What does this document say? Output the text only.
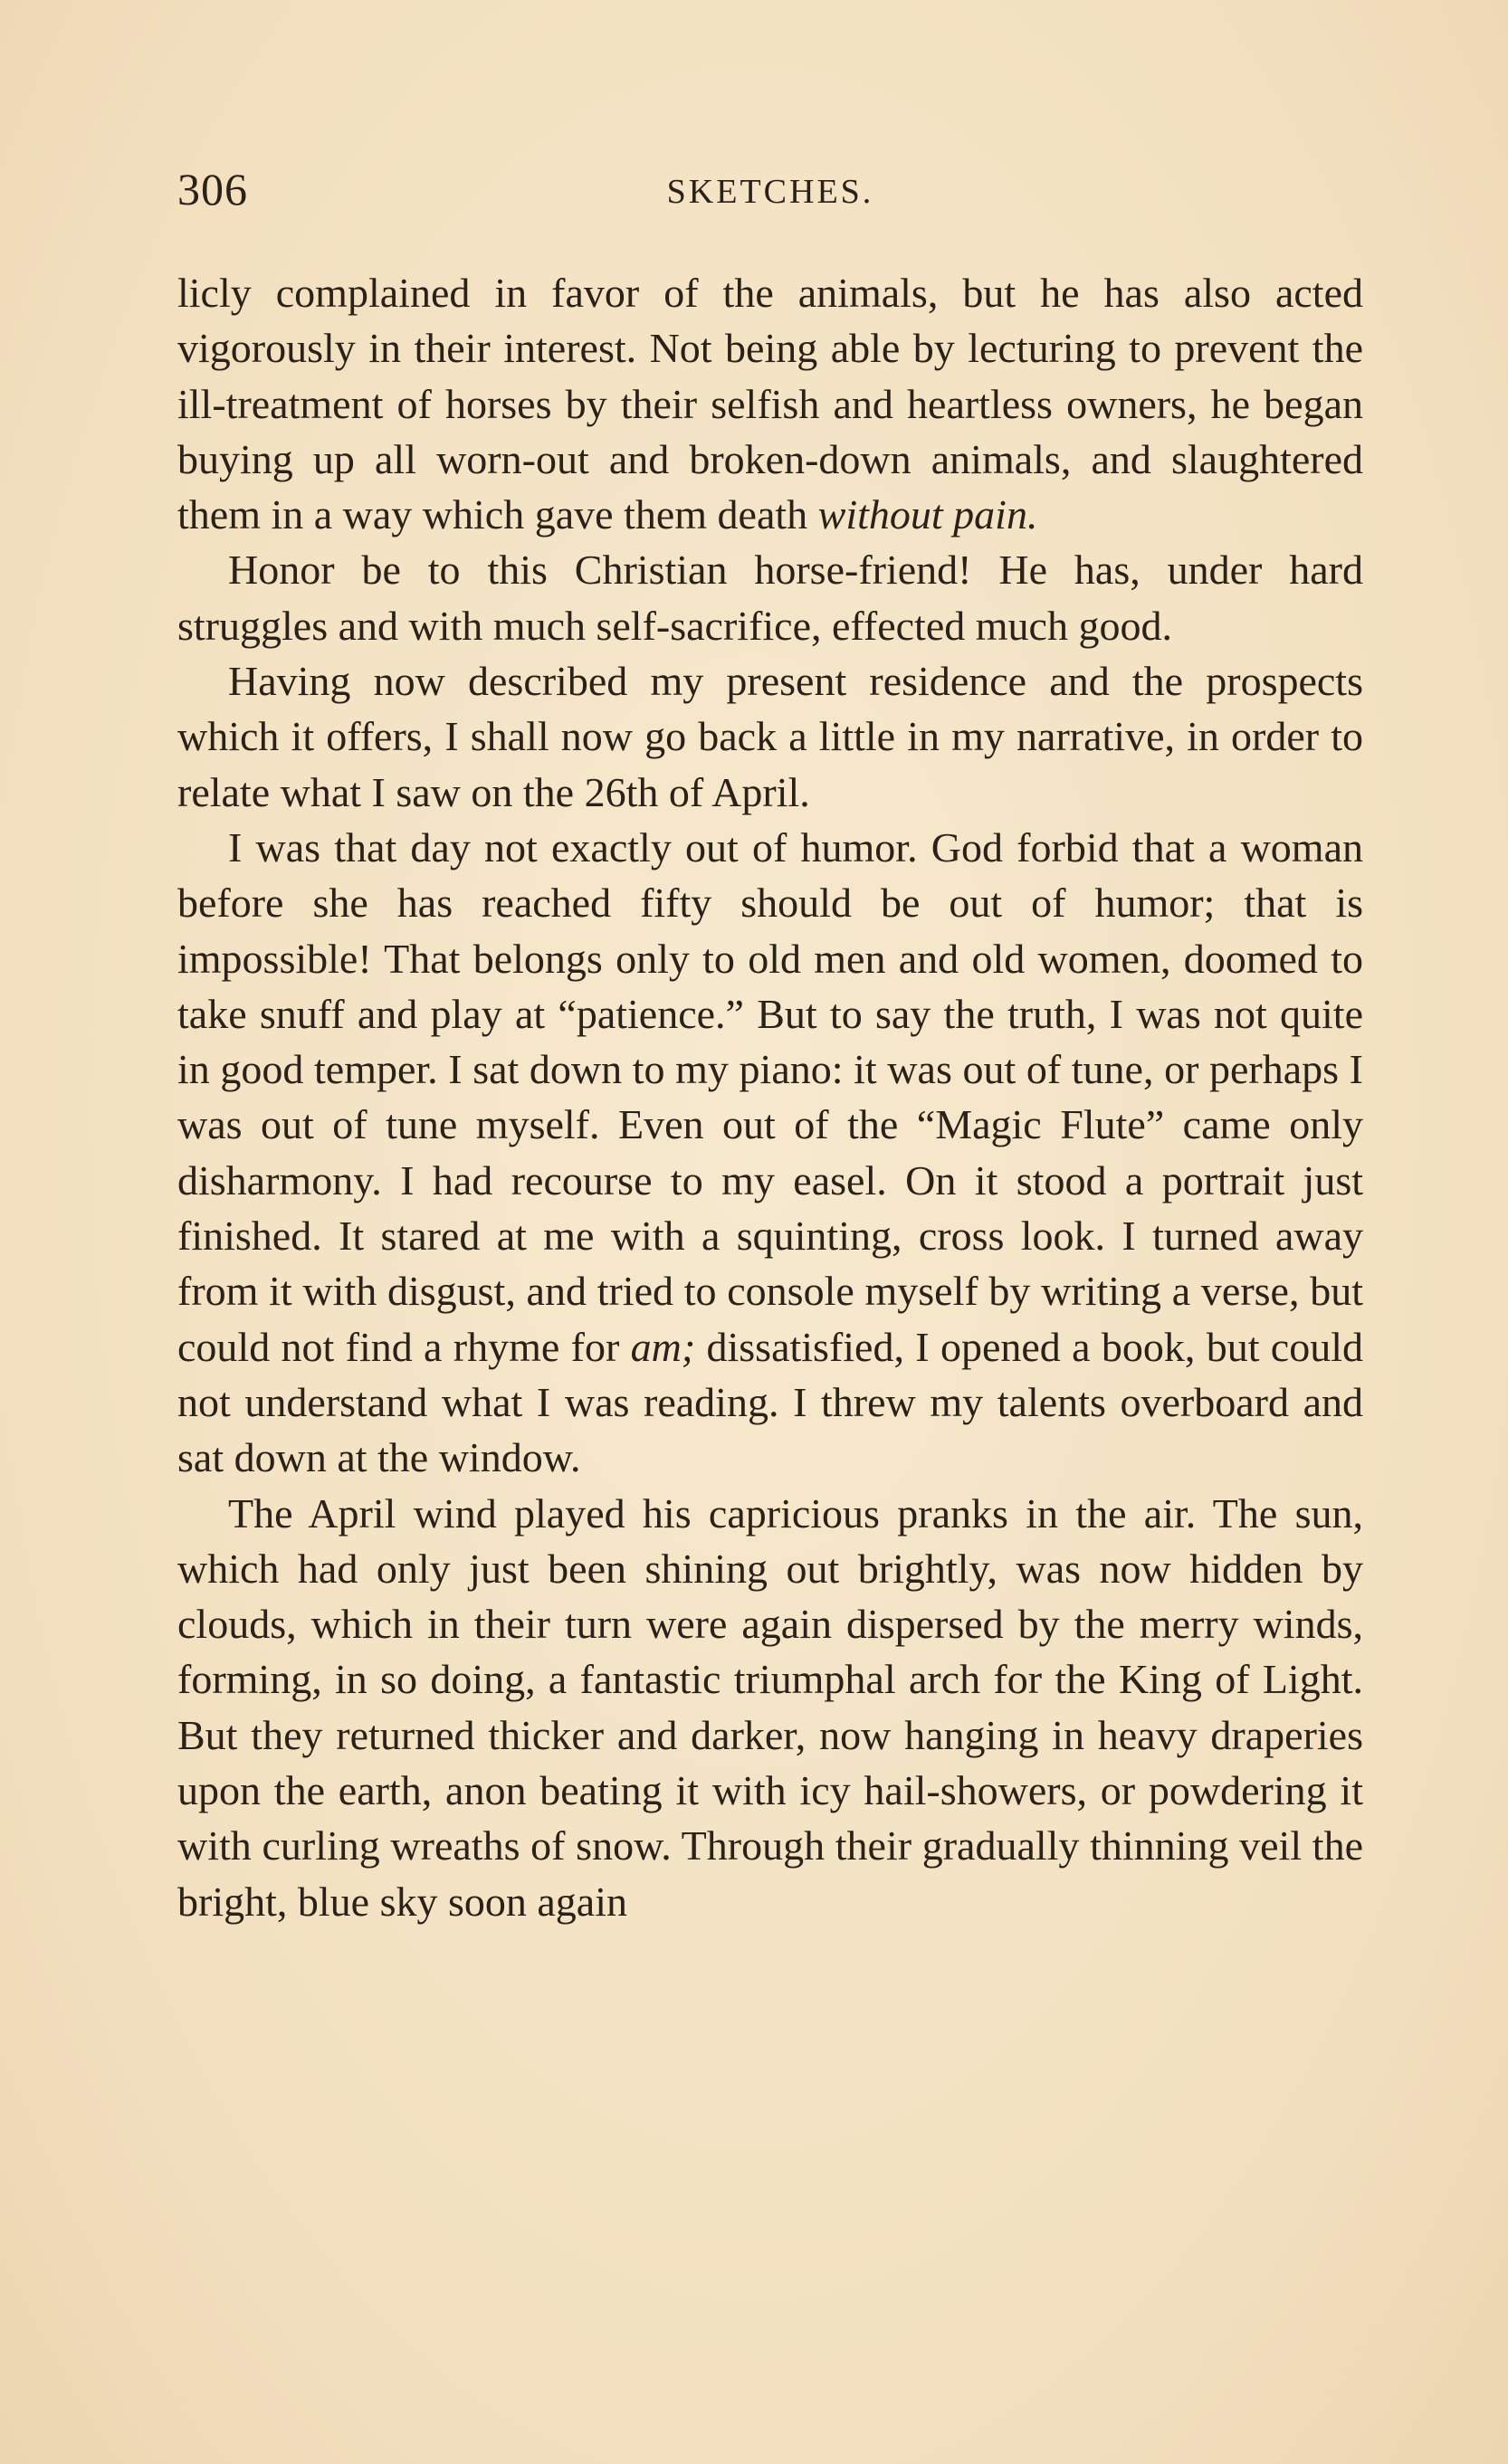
306	SKETCHES.

licly complained in favor of the animals, but he has also acted vigorously in their interest. Not being able by lecturing to prevent the ill-treatment of horses by their selfish and heartless owners, he began buying up all worn-out and broken-down animals, and slaughtered them in a way which gave them death without pain.

Honor be to this Christian horse-friend! He has, under hard struggles and with much self-sacrifice, effected much good.

Having now described my present residence and the prospects which it offers, I shall now go back a little in my narrative, in order to relate what I saw on the 26th of April.

I was that day not exactly out of humor. God forbid that a woman before she has reached fifty should be out of humor; that is impossible! That belongs only to old men and old women, doomed to take snuff and play at “patience.” But to say the truth, I was not quite in good temper. I sat down to my piano: it was out of tune, or perhaps I was out of tune myself. Even out of the “Magic Flute” came only disharmony. I had recourse to my easel. On it stood a portrait just finished. It stared at me with a squinting, cross look. I turned away from it with disgust, and tried to console myself by writing a verse, but could not find a rhyme for am; dissatisfied, I opened a book, but could not understand what I was reading. I threw my talents overboard and sat down at the window.

The April wind played his capricious pranks in the air. The sun, which had only just been shining out brightly, was now hidden by clouds, which in their turn were again dispersed by the merry winds, forming, in so doing, a fantastic triumphal arch for the King of Light. But they returned thicker and darker, now hanging in heavy draperies upon the earth, anon beating it with icy hail-showers, or powdering it with curling wreaths of snow. Through their gradually thinning veil the bright, blue sky soon again
